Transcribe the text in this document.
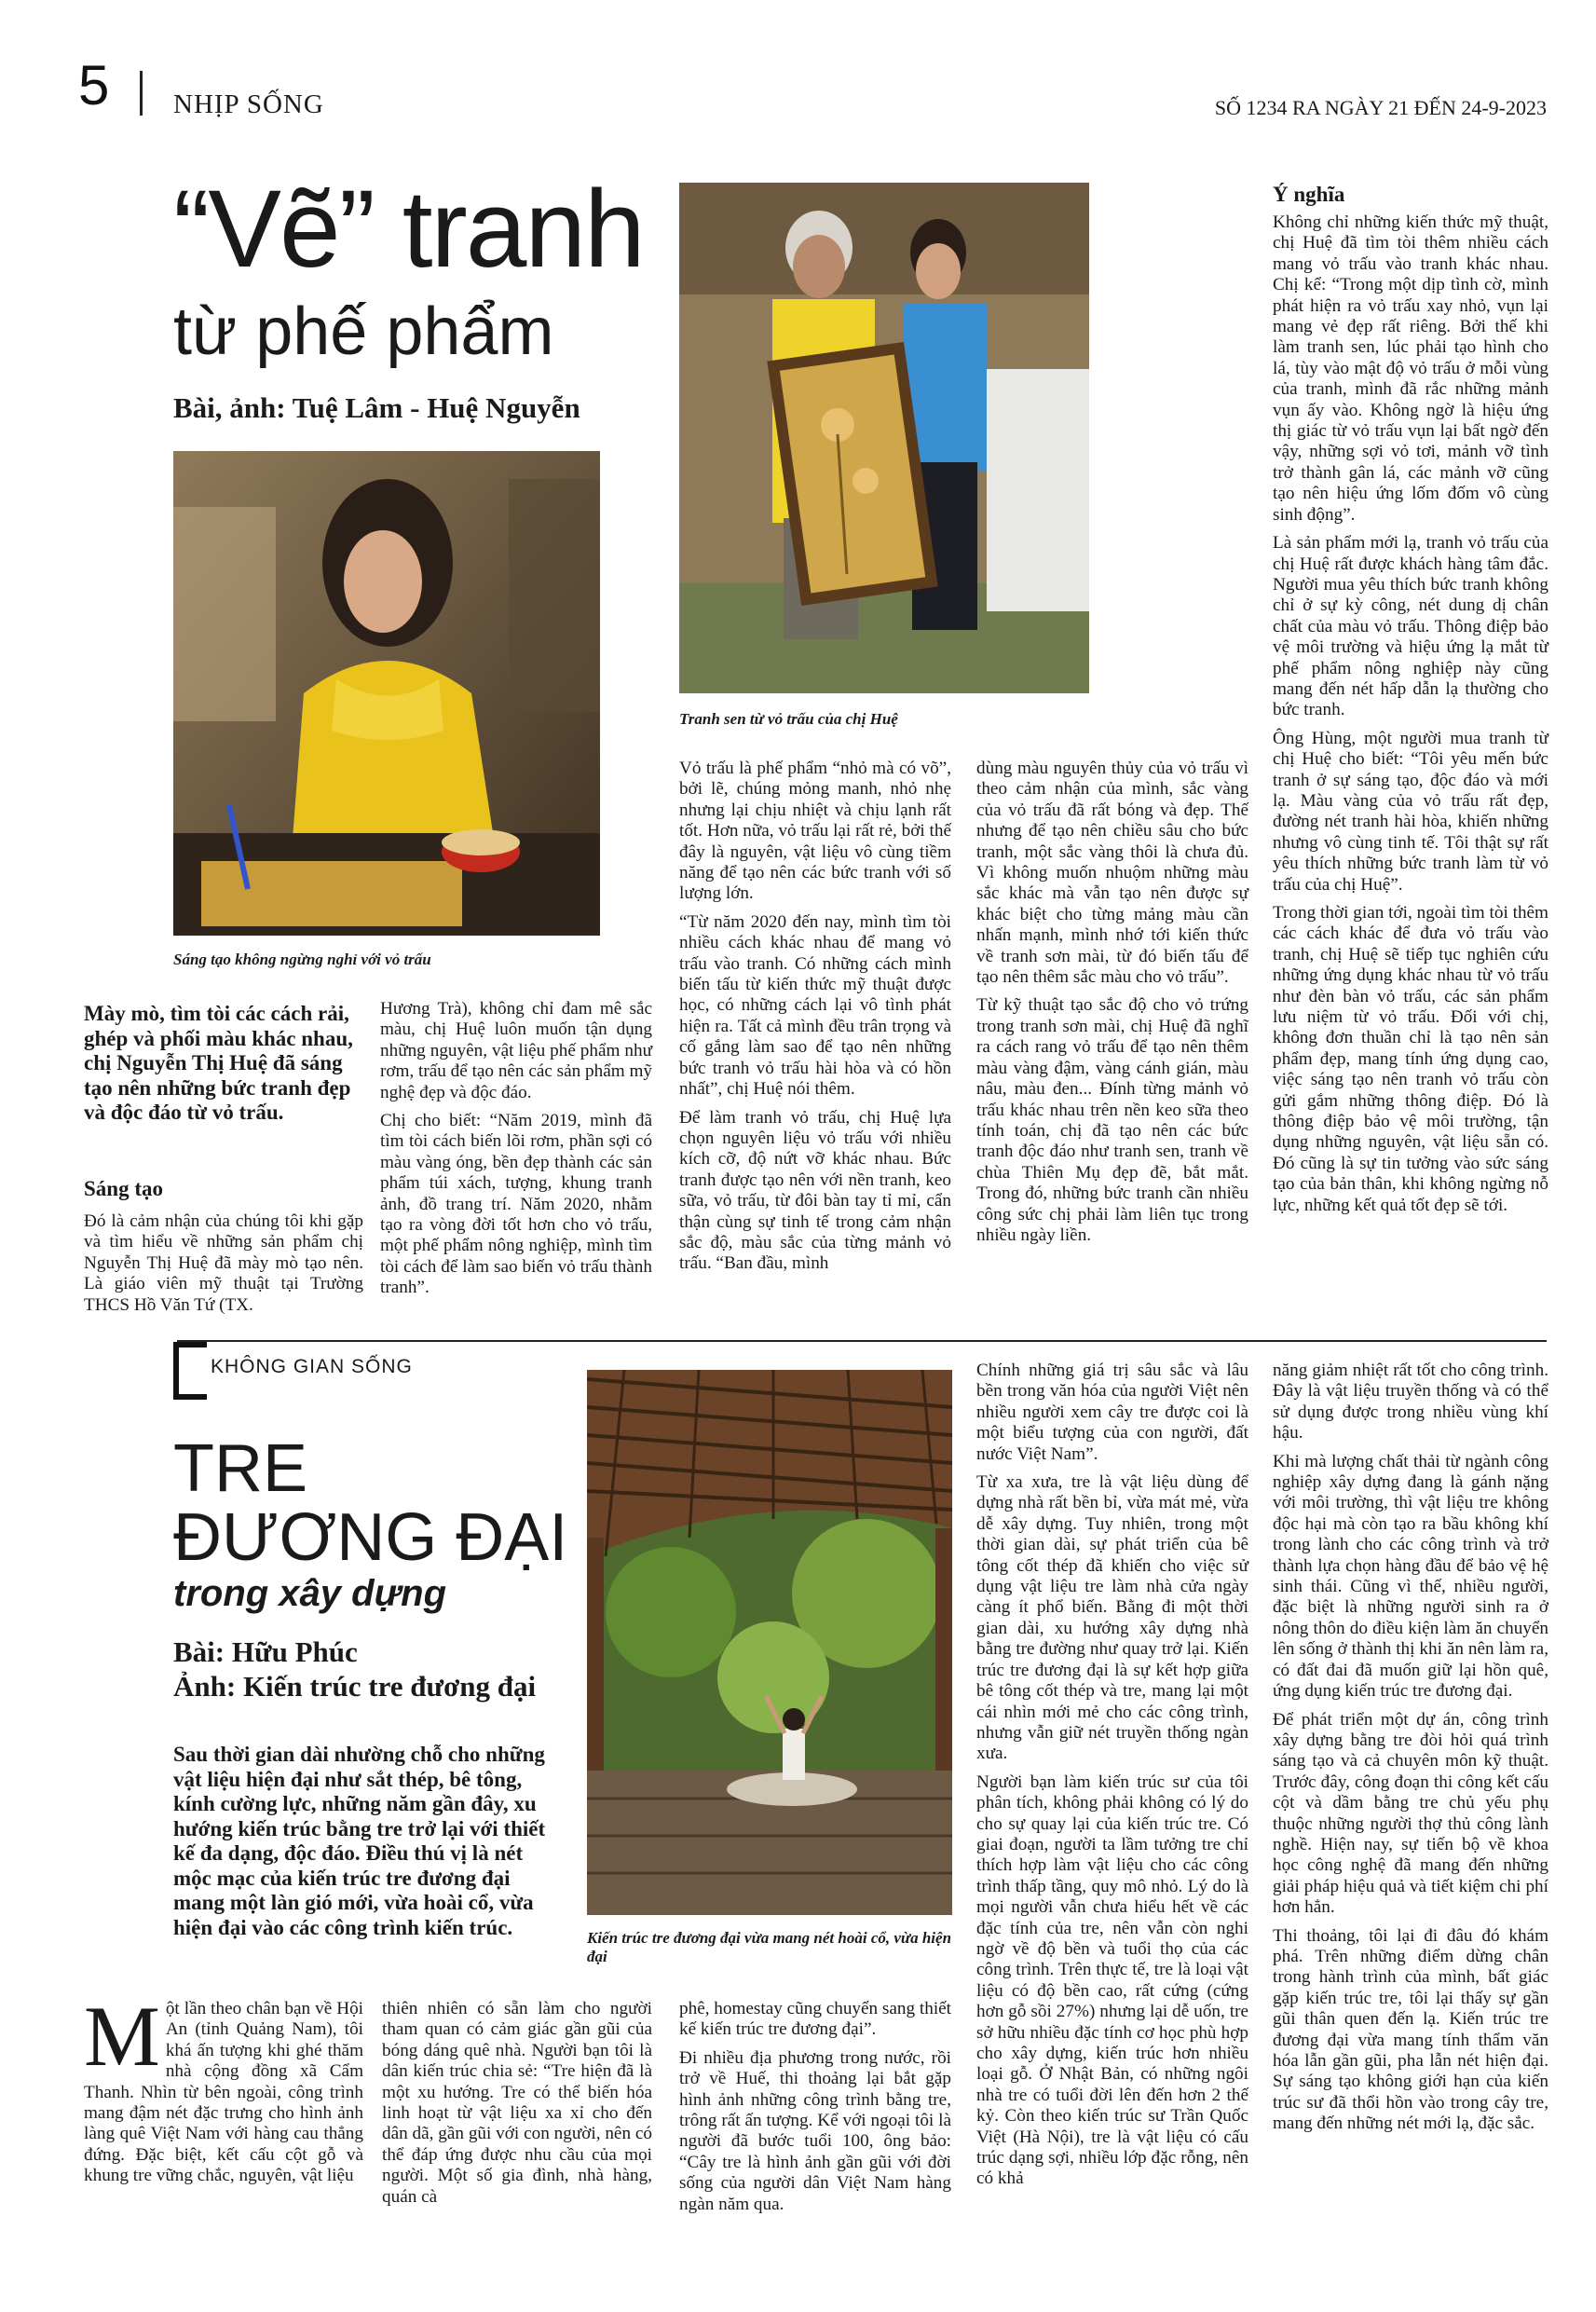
5 NHỊP SỐNG	SỐ 1234 RA NGÀY 21 ĐẾN 24-9-2023
“Vẽ” tranh
từ phế phẩm
Bài, ảnh: Tuệ Lâm - Huệ Nguyễn
Sáng tạo không ngừng nghỉ với vỏ trấu
Tranh sen từ vỏ trấu của chị Huệ
Mày mò, tìm tòi các cách rải, ghép và phối màu khác nhau, chị Nguyễn Thị Huệ đã sáng tạo nên những bức tranh đẹp và độc đáo từ vỏ trấu.
Sáng tạo

Đó là cảm nhận của chúng tôi khi gặp và tìm hiểu về những sản phẩm chị Nguyễn Thị Huệ đã mày mò tạo nên. Là giáo viên mỹ thuật tại Trường THCS Hồ Văn Tứ (TX.

Hương Trà), không chỉ đam mê sắc màu, chị Huệ luôn muốn tận dụng những nguyên, vật liệu phế phẩm như rơm, trấu để tạo nên các sản phẩm mỹ nghệ đẹp và độc đáo.

Chị cho biết: “Năm 2019, mình đã tìm tòi cách biến lõi rơm, phần sợi có màu vàng óng, bền đẹp thành các sản phẩm túi xách, tượng, khung tranh ảnh, đồ trang trí. Năm 2020, nhằm tạo ra vòng đời tốt hơn cho vỏ trấu, một phế phẩm nông nghiệp, mình tìm tòi cách để làm sao biến vỏ trấu thành tranh”.

Vỏ trấu là phế phẩm “nhỏ mà có võ”, bởi lẽ, chúng mỏng manh, nhỏ nhẹ nhưng lại chịu nhiệt và chịu lạnh rất tốt. Hơn nữa, vỏ trấu lại rất rẻ, bởi thế đây là nguyên, vật liệu vô cùng tiềm năng để tạo nên các bức tranh với số lượng lớn.

“Từ năm 2020 đến nay, mình tìm tòi nhiều cách khác nhau để mang vỏ trấu vào tranh. Có những cách mình biến tấu từ kiến thức mỹ thuật được học, có những cách lại vô tình phát hiện ra. Tất cả mình đều trân trọng và cố gắng làm sao để tạo nên những bức tranh vỏ trấu hài hòa và có hồn nhất”, chị Huệ nói thêm.

Để làm tranh vỏ trấu, chị Huệ lựa chọn nguyên liệu vỏ trấu với nhiều kích cỡ, độ nứt vỡ khác nhau. Bức tranh được tạo nên với nền tranh, keo sữa, vỏ trấu, từ đôi bàn tay tỉ mỉ, cẩn thận cùng sự tinh tế trong cảm nhận sắc độ, màu sắc của từng mảnh vỏ trấu. “Ban đầu, mình

dùng màu nguyên thủy của vỏ trấu vì theo cảm nhận của mình, sắc vàng của vỏ trấu đã rất bóng và đẹp. Thế nhưng để tạo nên chiều sâu cho bức tranh, một sắc vàng thôi là chưa đủ. Vì không muốn nhuộm những màu sắc khác mà vẫn tạo nên được sự khác biệt cho từng mảng màu cần nhấn mạnh, mình nhớ tới kiến thức về tranh sơn mài, từ đó biến tấu để tạo nên thêm sắc màu cho vỏ trấu”.

Từ kỹ thuật tạo sắc độ cho vỏ trứng trong tranh sơn mài, chị Huệ đã nghĩ ra cách rang vỏ trấu để tạo nên thêm màu vàng đậm, vàng cánh gián, màu nâu, màu đen... Đính từng mảnh vỏ trấu khác nhau trên nền keo sữa theo tính toán, chị đã tạo nên các bức tranh độc đáo như tranh sen, tranh về chùa Thiên Mụ đẹp đẽ, bắt mắt. Trong đó, những bức tranh cần nhiều công sức chị phải làm liên tục trong nhiều ngày liền.

Ý nghĩa

Không chỉ những kiến thức mỹ thuật, chị Huệ đã tìm tòi thêm nhiều cách mang vỏ trấu vào tranh khác nhau. Chị kể: “Trong một dịp tình cờ, mình phát hiện ra vỏ trấu xay nhỏ, vụn lại mang vẻ đẹp rất riêng. Bởi thế khi làm tranh sen, lúc phải tạo hình cho lá, tùy vào mật độ vỏ trấu ở mỗi vùng của tranh, mình đã rắc những mảnh vụn ấy vào. Không ngờ là hiệu ứng thị giác từ vỏ trấu vụn lại bất ngờ đến vậy, những sợi vỏ tơi, mảnh vỡ tình trở thành gân lá, các mảnh vỡ cũng tạo nên hiệu ứng lốm đốm vô cùng sinh động”.

Là sản phẩm mới lạ, tranh vỏ trấu của chị Huệ rất được khách hàng tâm đắc. Người mua yêu thích bức tranh không chỉ ở sự kỳ công, nét dung dị chân chất của màu vỏ trấu. Thông điệp bảo vệ môi trường và hiệu ứng lạ mắt từ phế phẩm nông nghiệp này cũng mang đến nét hấp dẫn lạ thường cho bức tranh.

Ông Hùng, một người mua tranh từ chị Huệ cho biết: “Tôi yêu mến bức tranh ở sự sáng tạo, độc đáo và mới lạ. Màu vàng của vỏ trấu rất đẹp, đường nét tranh hài hòa, khiến những nhưng vô cùng tinh tế. Tôi thật sự rất yêu thích những bức tranh làm từ vỏ trấu của chị Huệ”.

Trong thời gian tới, ngoài tìm tòi thêm các cách khác để đưa vỏ trấu vào tranh, chị Huệ sẽ tiếp tục nghiên cứu những ứng dụng khác nhau từ vỏ trấu như đèn bàn vỏ trấu, các sản phẩm lưu niệm từ vỏ trấu. Đối với chị, không đơn thuần chỉ là tạo nên sản phẩm đẹp, mang tính ứng dụng cao, việc sáng tạo nên tranh vỏ trấu còn gửi gắm những thông điệp. Đó là thông điệp bảo vệ môi trường, tận dụng những nguyên, vật liệu sẵn có. Đó cũng là sự tin tưởng vào sức sáng tạo của bản thân, khi không ngừng nỗ lực, những kết quả tốt đẹp sẽ tới.

KHÔNG GIAN SỐNG
TRE
ĐƯƠNG ĐẠI
trong xây dựng
Bài: Hữu Phúc
Ảnh: Kiến trúc tre đương đại
Sau thời gian dài nhường chỗ cho những vật liệu hiện đại như sắt thép, bê tông, kính cường lực, những năm gần đây, xu hướng kiến trúc bằng tre trở lại với thiết kế đa dạng, độc đáo. Điều thú vị là nét mộc mạc của kiến trúc tre đương đại mang một làn gió mới, vừa hoài cổ, vừa hiện đại vào các công trình kiến trúc.	Kiến trúc tre đương đại vừa mang nét hoài cổ, vừa hiện đại

Một lần theo chân bạn về Hội An (tỉnh Quảng Nam), tôi khá ấn tượng khi ghé thăm nhà cộng đồng xã Cẩm Thanh. Nhìn từ bên ngoài, công trình mang đậm nét đặc trưng cho hình ảnh làng quê Việt Nam với hàng cau thẳng đứng. Đặc biệt, kết cấu cột gỗ và khung tre vững chắc, nguyên, vật liệu

thiên nhiên có sẵn làm cho người tham quan có cảm giác gần gũi của bóng dáng quê nhà. Người bạn tôi là dân kiến trúc chia sẻ: “Tre hiện đã là một xu hướng. Tre có thể biến hóa linh hoạt từ vật liệu xa xỉ cho đến dân dã, gần gũi với con người, nên có thể đáp ứng được nhu cầu của mọi người. Một số gia đình, nhà hàng, quán cà

phê, homestay cũng chuyển sang thiết kế kiến trúc tre đương đại”.

Đi nhiều địa phương trong nước, rồi trở về Huế, thi thoảng lại bắt gặp hình ảnh những công trình bằng tre, trông rất ấn tượng. Kể với ngoại tôi là người đã bước tuổi 100, ông bảo: “Cây tre là hình ảnh gần gũi với đời sống của người dân Việt Nam hàng ngàn năm qua.

Chính những giá trị sâu sắc và lâu bền trong văn hóa của người Việt nên nhiều người xem cây tre được coi là một biểu tượng của con người, đất nước Việt Nam”.

Từ xa xưa, tre là vật liệu dùng để dựng nhà rất bền bỉ, vừa mát mẻ, vừa dễ xây dựng. Tuy nhiên, trong một thời gian dài, sự phát triển của bê tông cốt thép đã khiến cho việc sử dụng vật liệu tre làm nhà cửa ngày càng ít phổ biến. Bằng đi một thời gian dài, xu hướng xây dựng nhà bằng tre đường như quay trở lại. Kiến trúc tre đương đại là sự kết hợp giữa bê tông cốt thép và tre, mang lại một cái nhìn mới mẻ cho các công trình, nhưng vẫn giữ nét truyền thống ngàn xưa.

Người bạn làm kiến trúc sư của tôi phân tích, không phải không có lý do cho sự quay lại của kiến trúc tre. Có giai đoạn, người ta lầm tưởng tre chỉ thích hợp làm vật liệu cho các công trình thấp tầng, quy mô nhỏ. Lý do là mọi người vẫn chưa hiểu hết về các đặc tính của tre, nên vẫn còn nghi ngờ về độ bền và tuổi thọ của các công trình. Trên thực tế, tre là loại vật liệu có độ bền cao, rất cứng (cứng hơn gỗ sồi 27%) nhưng lại dễ uốn, tre sở hữu nhiều đặc tính cơ học phù hợp cho xây dựng, kiến trúc hơn nhiều loại gỗ. Ở Nhật Bản, có những ngôi nhà tre có tuổi đời lên đến hơn 2 thế kỷ. Còn theo kiến trúc sư Trần Quốc Việt (Hà Nội), tre là vật liệu có cấu trúc dạng sợi, nhiều lớp đặc rỗng, nên có khả

năng giảm nhiệt rất tốt cho công trình. Đây là vật liệu truyền thống và có thể sử dụng được trong nhiều vùng khí hậu.

Khi mà lượng chất thải từ ngành công nghiệp xây dựng đang là gánh nặng với môi trường, thì vật liệu tre không độc hại mà còn tạo ra bầu không khí trong lành cho các công trình và trở thành lựa chọn hàng đầu để bảo vệ hệ sinh thái. Cũng vì thế, nhiều người, đặc biệt là những người sinh ra ở nông thôn do điều kiện làm ăn chuyển lên sống ở thành thị khi ăn nên làm ra, có đất đai đã muốn giữ lại hồn quê, ứng dụng kiến trúc tre đương đại.

Để phát triển một dự án, công trình xây dựng bằng tre đòi hỏi quá trình sáng tạo và cả chuyên môn kỹ thuật. Trước đây, công đoạn thi công kết cấu cột và dầm bằng tre chủ yếu phụ thuộc những người thợ thủ công lành nghề. Hiện nay, sự tiến bộ về khoa học công nghệ đã mang đến những giải pháp hiệu quả và tiết kiệm chi phí hơn hẳn.

Thi thoảng, tôi lại đi đâu đó khám phá. Trên những điểm dừng chân trong hành trình của mình, bất giác gặp kiến trúc tre, tôi lại thấy sự gần gũi thân quen đến lạ. Kiến trúc tre đương đại vừa mang tính thẩm văn hóa lẫn gần gũi, pha lẫn nét hiện đại. Sự sáng tạo không giới hạn của kiến trúc sư đã thổi hồn vào trong cây tre, mang đến những nét mới lạ, đặc sắc.
